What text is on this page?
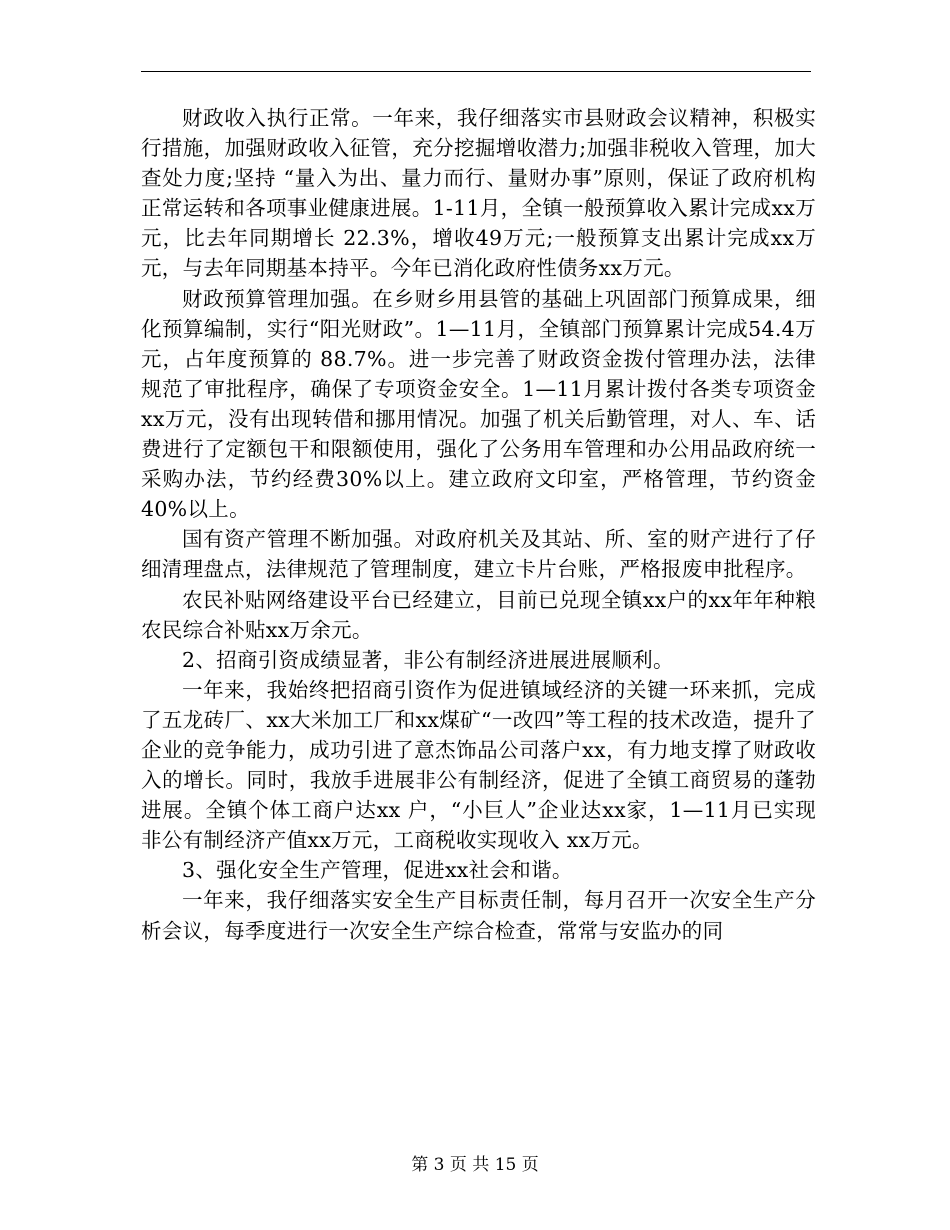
财政收入执行正常。一年来，我仔细落实市县财政会议精神，积极实行措施，加强财政收入征管，充分挖掘增收潜力;加强非税收入管理，加大查处力度;坚持 “量入为出、量力而行、量财办事”原则，保证了政府机构正常运转和各项事业健康进展。1-11月，全镇一般预算收入累计完成xx万元，比去年同期增长 22.3%，增收49万元;一般预算支出累计完成xx万元，与去年同期基本持平。今年已消化政府性债务xx万元。

财政预算管理加强。在乡财乡用县管的基础上巩固部门预算成果，细化预算编制，实行“阳光财政”。1—11月，全镇部门预算累计完成54.4万元，占年度预算的 88.7%。进一步完善了财政资金拨付管理办法，法律规范了审批程序，确保了专项资金安全。1—11月累计拨付各类专项资金xx万元，没有出现转借和挪用情况。加强了机关后勤管理，对人、车、话费进行了定额包干和限额使用，强化了公务用车管理和办公用品政府统一采购办法，节约经费30%以上。建立政府文印室，严格管理，节约资金40%以上。

国有资产管理不断加强。对政府机关及其站、所、室的财产进行了仔细清理盘点，法律规范了管理制度，建立卡片台账，严格报废申批程序。

农民补贴网络建设平台已经建立，目前已兑现全镇xx户的xx年年种粮农民综合补贴xx万余元。

2、招商引资成绩显著，非公有制经济进展进展顺利。

一年来，我始终把招商引资作为促进镇域经济的关键一环来抓，完成了五龙砖厂、xx大米加工厂和xx煤矿“一改四”等工程的技术改造，提升了企业的竞争能力，成功引进了意杰饰品公司落户xx，有力地支撑了财政收入的增长。同时，我放手进展非公有制经济，促进了全镇工商贸易的蓬勃进展。全镇个体工商户达xx 户，“小巨人”企业达xx家，1—11月已实现非公有制经济产值xx万元，工商税收实现收入 xx万元。

3、强化安全生产管理，促进xx社会和谐。

一年来，我仔细落实安全生产目标责任制，每月召开一次安全生产分析会议，每季度进行一次安全生产综合检查，常常与安监办的同

第 3 页 共 15 页
